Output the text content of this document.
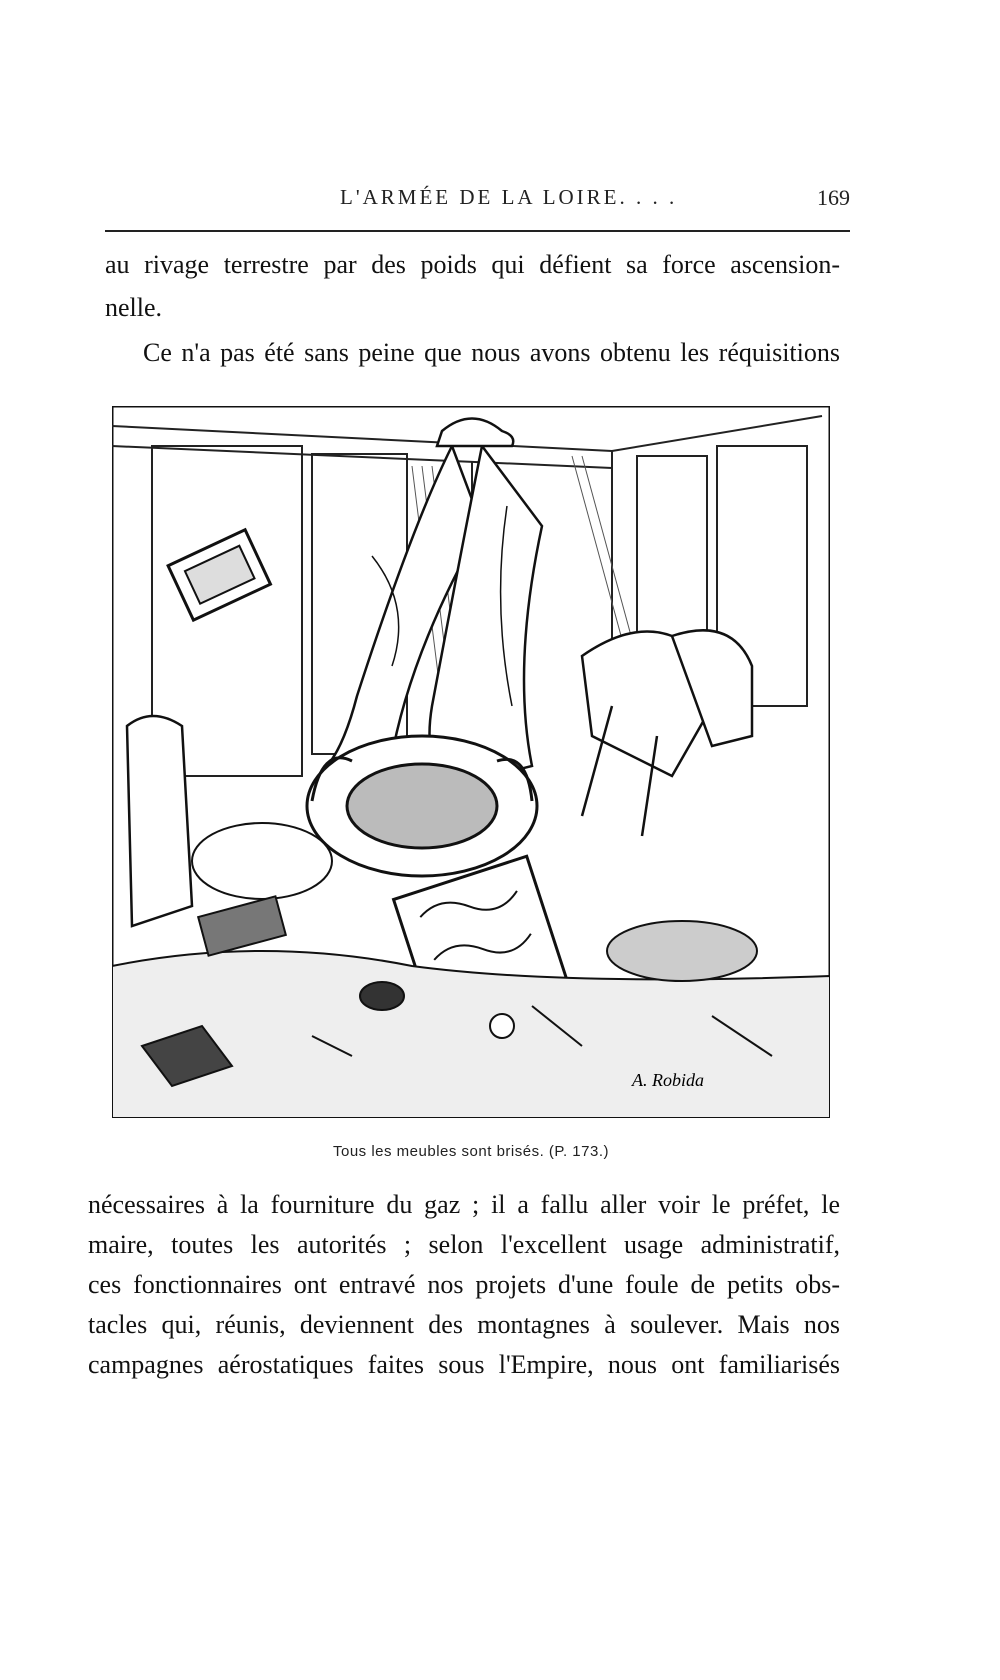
L'ARMÉE DE LA LOIRE. . . .	169
au rivage terrestre par des poids qui défient sa force ascension-
nelle.
Ce n'a pas été sans peine que nous avons obtenu les réquisitions
A. Robida
Tous les meubles sont brisés. (P. 173.)
nécessaires à la fourniture du gaz ; il a fallu aller voir le préfet, le
maire, toutes les autorités ; selon l'excellent usage administratif,
ces fonctionnaires ont entravé nos projets d'une foule de petits obs-
tacles qui, réunis, deviennent des montagnes à soulever. Mais nos
campagnes aérostatiques faites sous l'Empire, nous ont familiarisés
